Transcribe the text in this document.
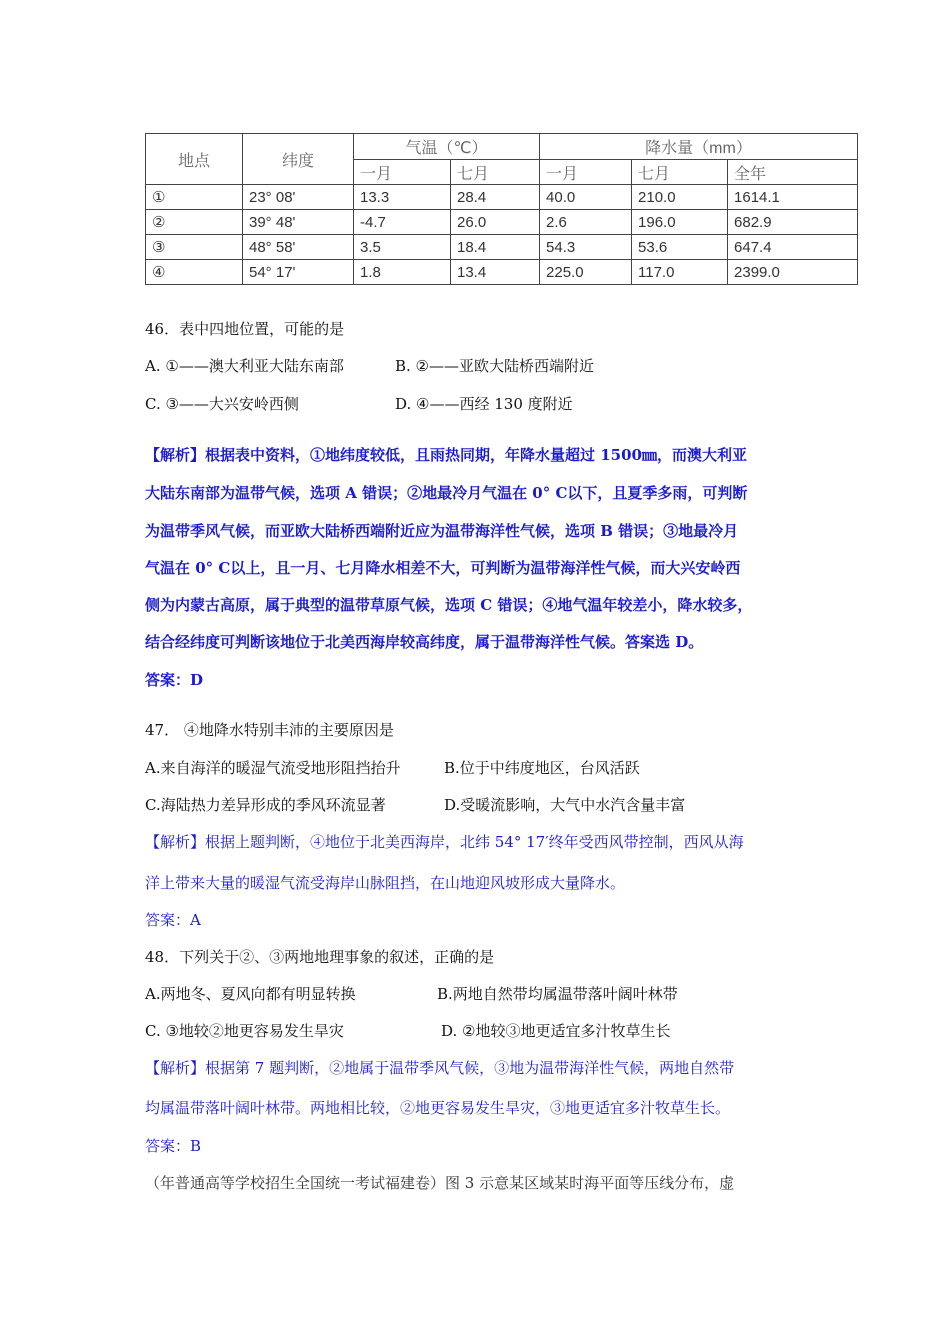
地点	纬度	气温（℃）		降水量（mm）		
		一月	七月	一月	七月	全年
①	23° 08'	13.3	28.4	40.0	210.0	1614.1
②	39° 48'	-4.7	26.0	2.6	196.0	682.9
③	48° 58'	3.5	18.4	54.3	53.6	647.4
④	54° 17'	1.8	13.4	225.0	117.0	2399.0
46．表中四地位置，可能的是
A. ①——澳大利亚大陆东南部	B. ②——亚欧大陆桥西端附近
C. ③——大兴安岭西侧	D. ④——西经 130 度附近
【解析】根据表中资料，①地纬度较低，且雨热同期，年降水量超过 1500㎜，而澳大利亚
大陆东南部为温带气候，选项 A 错误；②地最冷月气温在 0° C以下，且夏季多雨，可判断
为温带季风气候，而亚欧大陆桥西端附近应为温带海洋性气候，选项 B 错误；③地最冷月
气温在 0° C以上，且一月、七月降水相差不大，可判断为温带海洋性气候，而大兴安岭西
侧为内蒙古高原，属于典型的温带草原气候，选项 C 错误；④地气温年较差小，降水较多，
结合经纬度可判断该地位于北美西海岸较高纬度，属于温带海洋性气候。答案选 D。
答案：D
47． ④地降水特别丰沛的主要原因是
A.来自海洋的暖湿气流受地形阻挡抬升	B.位于中纬度地区，台风活跃
C.海陆热力差异形成的季风环流显著	D.受暖流影响，大气中水汽含量丰富
【解析】根据上题判断，④地位于北美西海岸，北纬 54° 17′终年受西风带控制，西风从海
洋上带来大量的暖湿气流受海岸山脉阻挡，在山地迎风坡形成大量降水。
答案：A
48．下列关于②、③两地地理事象的叙述，正确的是
A.两地冬、夏风向都有明显转换	B.两地自然带均属温带落叶阔叶林带
C. ③地较②地更容易发生旱灾	D. ②地较③地更适宜多汁牧草生长
【解析】根据第 7 题判断，②地属于温带季风气候，③地为温带海洋性气候，两地自然带
均属温带落叶阔叶林带。两地相比较，②地更容易发生旱灾，③地更适宜多汁牧草生长。
答案：B
（年普通高等学校招生全国统一考试福建卷）图 3 示意某区域某时海平面等压线分布，虚
